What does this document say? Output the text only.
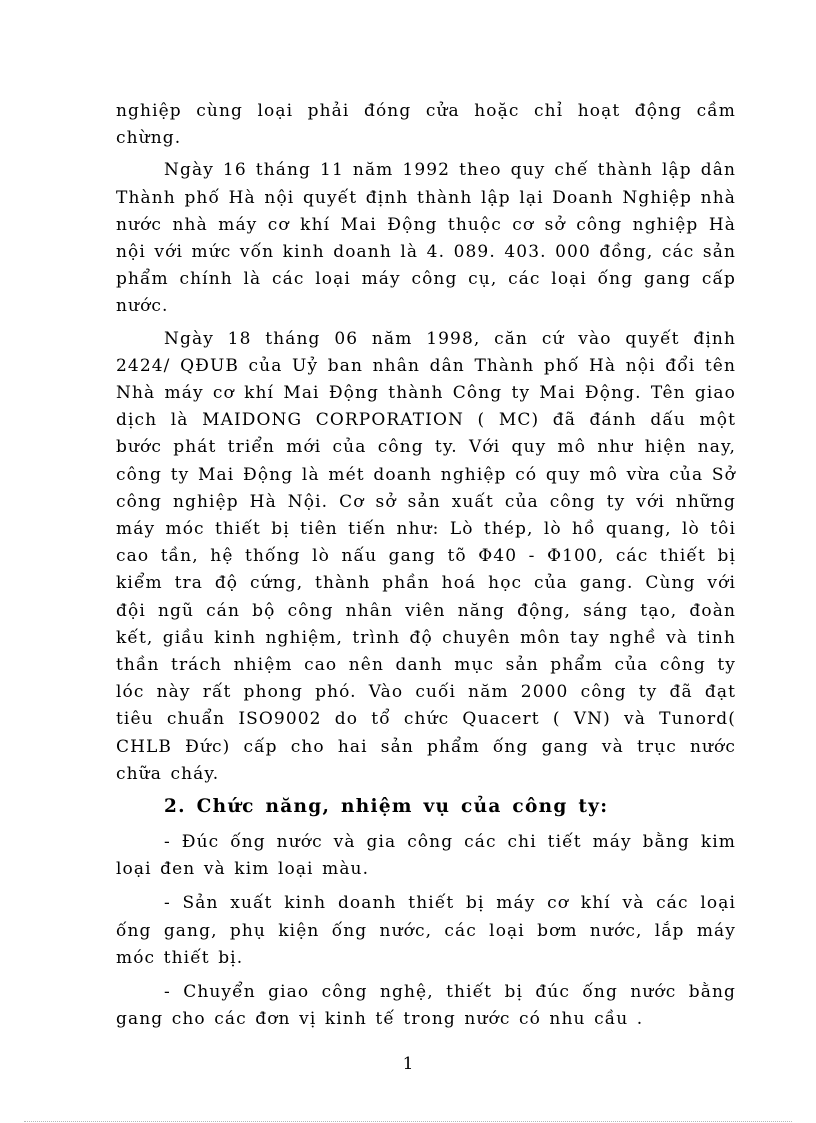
nghiệp cùng loại phải đóng cửa hoặc chỉ hoạt động cầm chừng.

Ngày 16 tháng 11 năm 1992 theo quy chế thành lập dân Thành phố Hà nội quyết định thành lập lại Doanh Nghiệp nhà nước nhà máy cơ khí Mai Động thuộc cơ sở công nghiệp Hà nội với mức vốn kinh doanh là 4. 089. 403. 000 đồng, các sản phẩm chính là các loại máy công cụ, các loại ống gang cấp nước.

Ngày 18 tháng 06 năm 1998, căn cứ vào quyết định 2424/ QĐUB của Uỷ ban nhân dân Thành phố Hà nội đổi tên Nhà máy cơ khí Mai Động thành Công ty Mai Động. Tên giao dịch là MAIDONG CORPORATION ( MC) đã đánh dấu một bước phát triển mới của công ty. Với quy mô như hiện nay, công ty Mai Động là mét doanh nghiệp có quy mô vừa của Sở công nghiệp Hà Nội. Cơ sở sản xuất của công ty với những máy móc thiết bị tiên tiến như: Lò thép, lò hồ quang, lò tôi cao tần, hệ thống lò nấu gang tõ Φ40 - Φ100, các thiết bị kiểm tra độ cứng, thành phần hoá học của gang. Cùng với đội ngũ cán bộ công nhân viên năng động, sáng tạo, đoàn kết, giầu kinh nghiệm, trình độ chuyên môn tay nghề và tinh thần trách nhiệm cao nên danh mục sản phẩm của công ty lóc này rất phong phó. Vào cuối năm 2000 công ty đã đạt tiêu chuẩn ISO9002 do tổ chức Quacert ( VN) và Tunord( CHLB Đức) cấp cho hai sản phẩm ống gang và trục nước chữa cháy.

2. Chức năng, nhiệm vụ của công ty:

- Đúc ống nước và gia công các chi tiết máy bằng kim loại đen và kim loại màu.

- Sản xuất kinh doanh thiết bị máy cơ khí và các loại ống gang, phụ kiện ống nước, các loại bơm nước, lắp máy móc thiết bị.

- Chuyển giao công nghệ, thiết bị đúc ống nước bằng gang cho các đơn vị kinh tế trong nước có nhu cầu .

1
